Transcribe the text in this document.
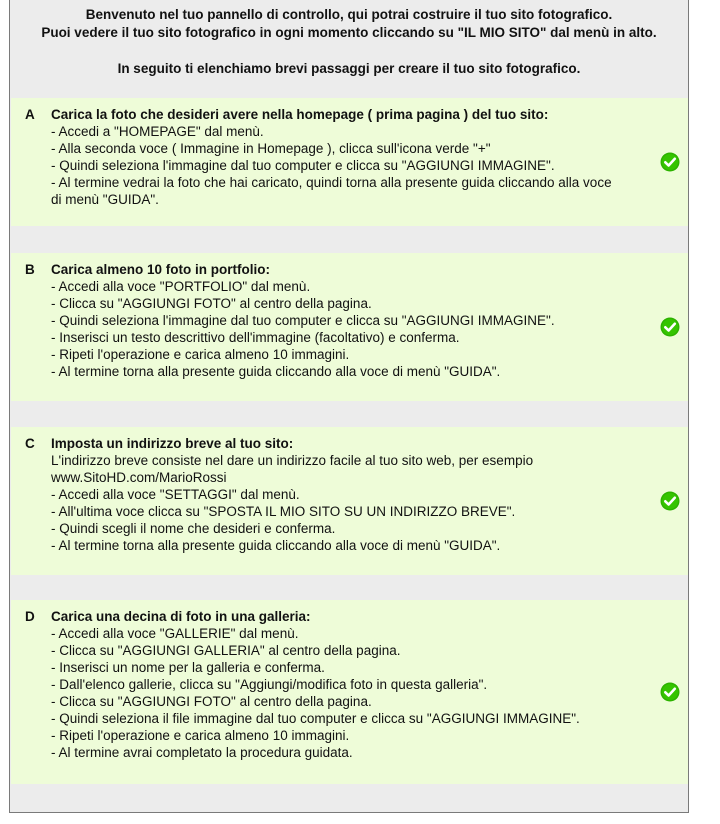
Benvenuto nel tuo pannello di controllo, qui potrai costruire il tuo sito fotografico.
Puoi vedere il tuo sito fotografico in ogni momento cliccando su "IL MIO SITO" dal menù in alto.
In seguito ti elenchiamo brevi passaggi per creare il tuo sito fotografico.
A Carica la foto che desideri avere nella homepage ( prima pagina ) del tuo sito:
- Accedi a "HOMEPAGE" dal menù.
- Alla seconda voce ( Immagine in Homepage ), clicca sull'icona verde "+"
- Quindi seleziona l'immagine dal tuo computer e clicca su "AGGIUNGI IMMAGINE".
- Al termine vedrai la foto che hai caricato, quindi torna alla presente guida cliccando alla voce
di menù "GUIDA".
B Carica almeno 10 foto in portfolio:
- Accedi alla voce "PORTFOLIO" dal menù.
- Clicca su "AGGIUNGI FOTO" al centro della pagina.
- Quindi seleziona l'immagine dal tuo computer e clicca su "AGGIUNGI IMMAGINE".
- Inserisci un testo descrittivo dell'immagine (facoltativo) e conferma.
- Ripeti l'operazione e carica almeno 10 immagini.
- Al termine torna alla presente guida cliccando alla voce di menù "GUIDA".
C Imposta un indirizzo breve al tuo sito:
L'indirizzo breve consiste nel dare un indirizzo facile al tuo sito web, per esempio
www.SitoHD.com/MarioRossi
- Accedi alla voce "SETTAGGI" dal menù.
- All'ultima voce clicca su "SPOSTA IL MIO SITO SU UN INDIRIZZO BREVE".
- Quindi scegli il nome che desideri e conferma.
- Al termine torna alla presente guida cliccando alla voce di menù "GUIDA".
D Carica una decina di foto in una galleria:
- Accedi alla voce "GALLERIE" dal menù.
- Clicca su "AGGIUNGI GALLERIA" al centro della pagina.
- Inserisci un nome per la galleria e conferma.
- Dall'elenco gallerie, clicca su "Aggiungi/modifica foto in questa galleria".
- Clicca su "AGGIUNGI FOTO" al centro della pagina.
- Quindi seleziona il file immagine dal tuo computer e clicca su "AGGIUNGI IMMAGINE".
- Ripeti l'operazione e carica almeno 10 immagini.
- Al termine avrai completato la procedura guidata.
